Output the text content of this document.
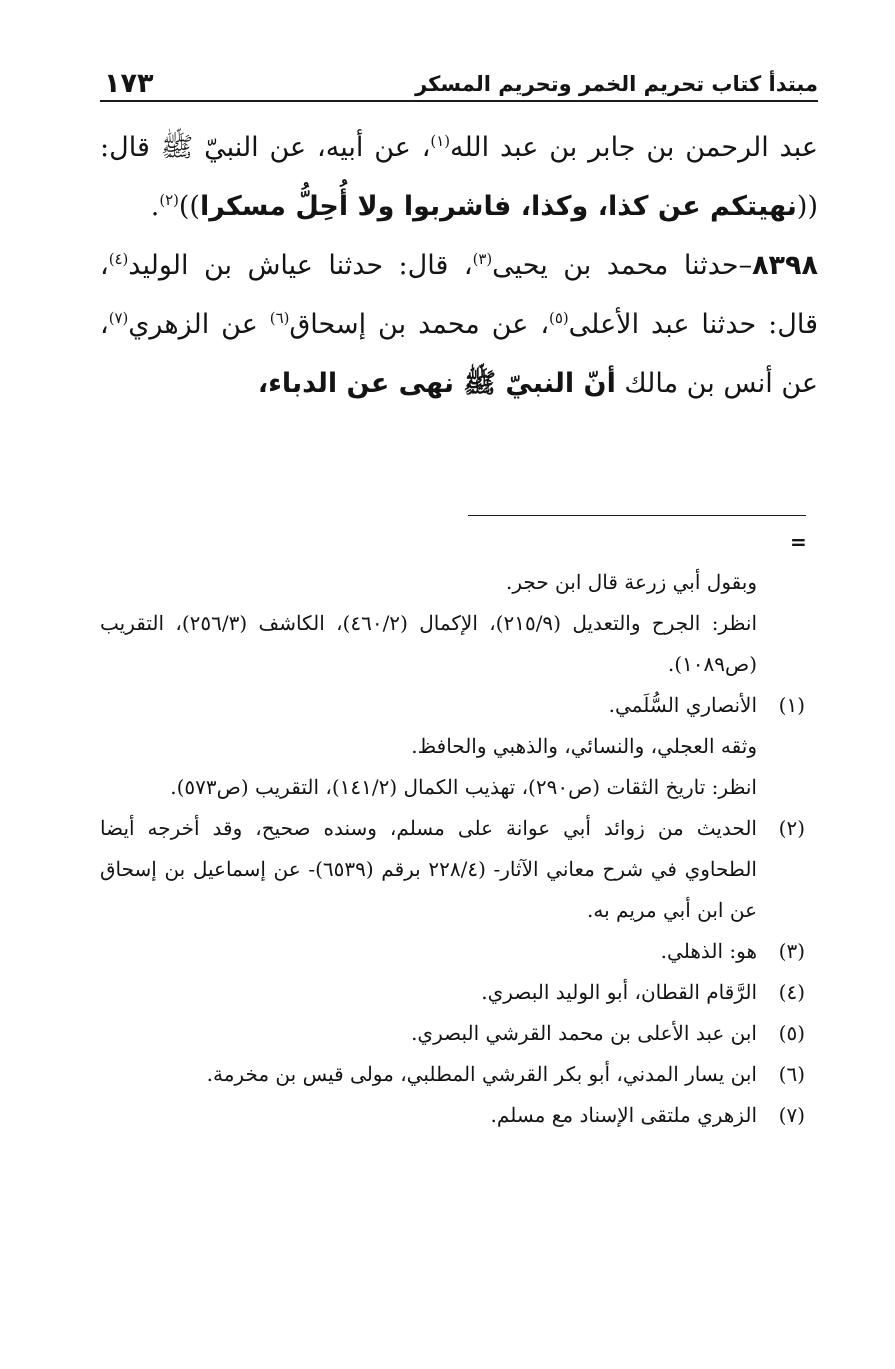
١٧٣	مبتدأ كتاب تحريم الخمر وتحريم المسكر

عبد الرحمن بن جابر بن عبد الله$^{(١)}$، عن أبيه، عن النبيّ ﷺ قال: ((نهيتكم عن كذا، وكذا، فاشربوا ولا أُحِلُّ مسكرا))$^{(٢)}$.

٨٣٩٨–حدثنا محمد بن يحيى$^{(٣)}$، قال: حدثنا عياش بن الوليد$^{(٤)}$، قال: حدثنا عبد الأعلى$^{(٥)}$، عن محمد بن إسحاق$^{(٦)}$ عن الزهري$^{(٧)}$، عن أنس بن مالك أنّ النبيّ ﷺ نهى عن الدباء،

=

وبقول أبي زرعة قال ابن حجر.

انظر: الجرح والتعديل (٢١٥/٩)، الإكمال (٤٦٠/٢)، الكاشف (٢٥٦/٣)، التقريب (ص١٠٨٩).

(١)
الأنصاري السُّلَمي.

وثقه العجلي، والنسائي، والذهبي والحافظ.

انظر: تاريخ الثقات (ص٢٩٠)، تهذيب الكمال (١٤١/٢)، التقريب (ص٥٧٣).

(٢)
الحديث من زوائد أبي عوانة على مسلم، وسنده صحيح، وقد أخرجه أيضا الطحاوي في شرح معاني الآثار- (٢٢٨/٤ برقم (٦٥٣٩)- عن إسماعيل بن إسحاق عن ابن أبي مريم به.

(٣)
هو: الذهلي.

(٤)
الرَّقام القطان، أبو الوليد البصري.

(٥)
ابن عبد الأعلى بن محمد القرشي البصري.

(٦)
ابن يسار المدني، أبو بكر القرشي المطلبي، مولى قيس بن مخرمة.

(٧)
الزهري ملتقى الإسناد مع مسلم.
